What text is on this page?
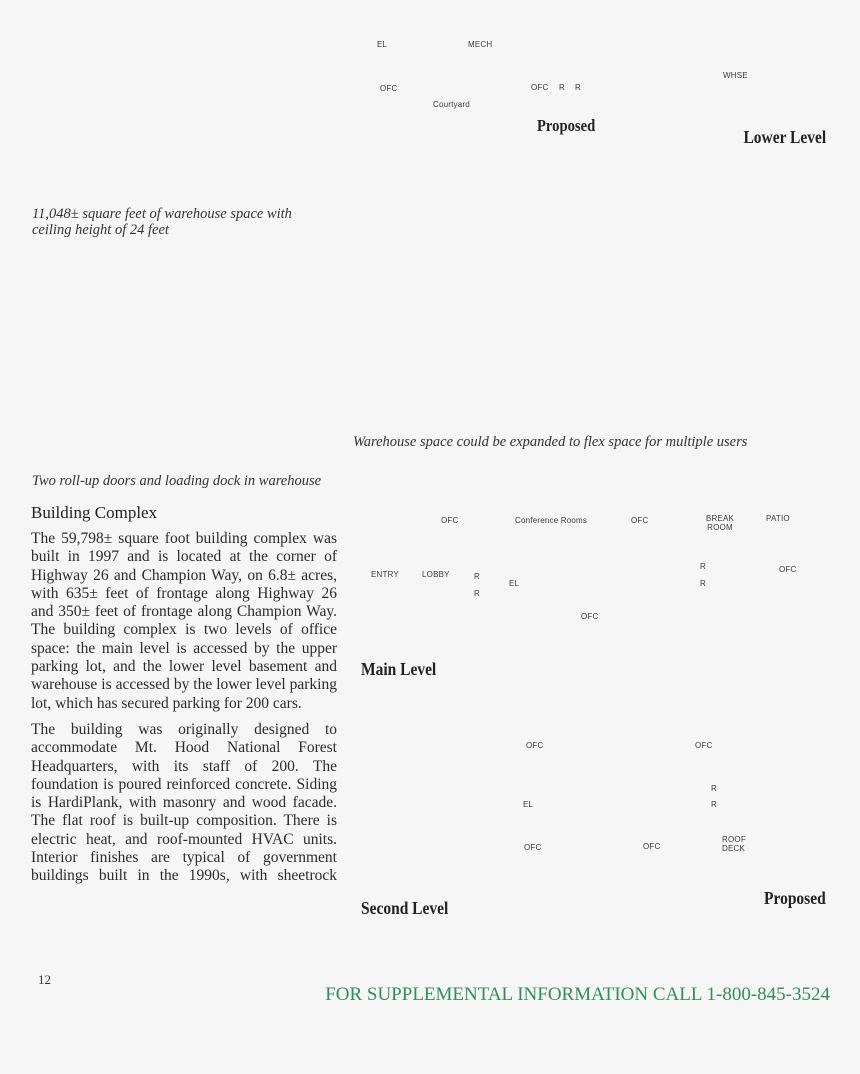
EL	MECH
WHSE
OFC	OFC R R
Courtyard
Proposed
Lower Level
11,048± square feet of warehouse space with ceiling height of 24 feet
Warehouse space could be expanded to flex space for multiple users
Two roll-up doors and loading dock in warehouse
OFC	Conference Rooms	OFC	BREAK ROOM
PATIO
ENTRY	LOBBY	R
R
EL
R
R
OFC
OFC
Main Level
OFC	OFC
R
R
EL
OFC	OFC
ROOF DECK
Second Level	Proposed
Building Complex

The 59,798± square foot building complex was built in 1997 and is located at the corner of Highway 26 and Champion Way, on 6.8± acres, with 635± feet of frontage along Highway 26 and 350± feet of frontage along Champion Way. The building complex is two levels of office space: the main level is accessed by the upper parking lot, and the lower level basement and warehouse is accessed by the lower level parking lot, which has secured parking for 200 cars.

The building was originally designed to accommodate Mt. Hood National Forest Headquarters, with its staff of 200. The foundation is poured reinforced concrete. Siding is HardiPlank, with masonry and wood facade. The flat roof is built-up composition. There is electric heat, and roof-mounted HVAC units. Interior finishes are typical of government buildings built in the 1990s, with sheetrock

12
FOR SUPPLEMENTAL INFORMATION CALL 1-800-845-3524
